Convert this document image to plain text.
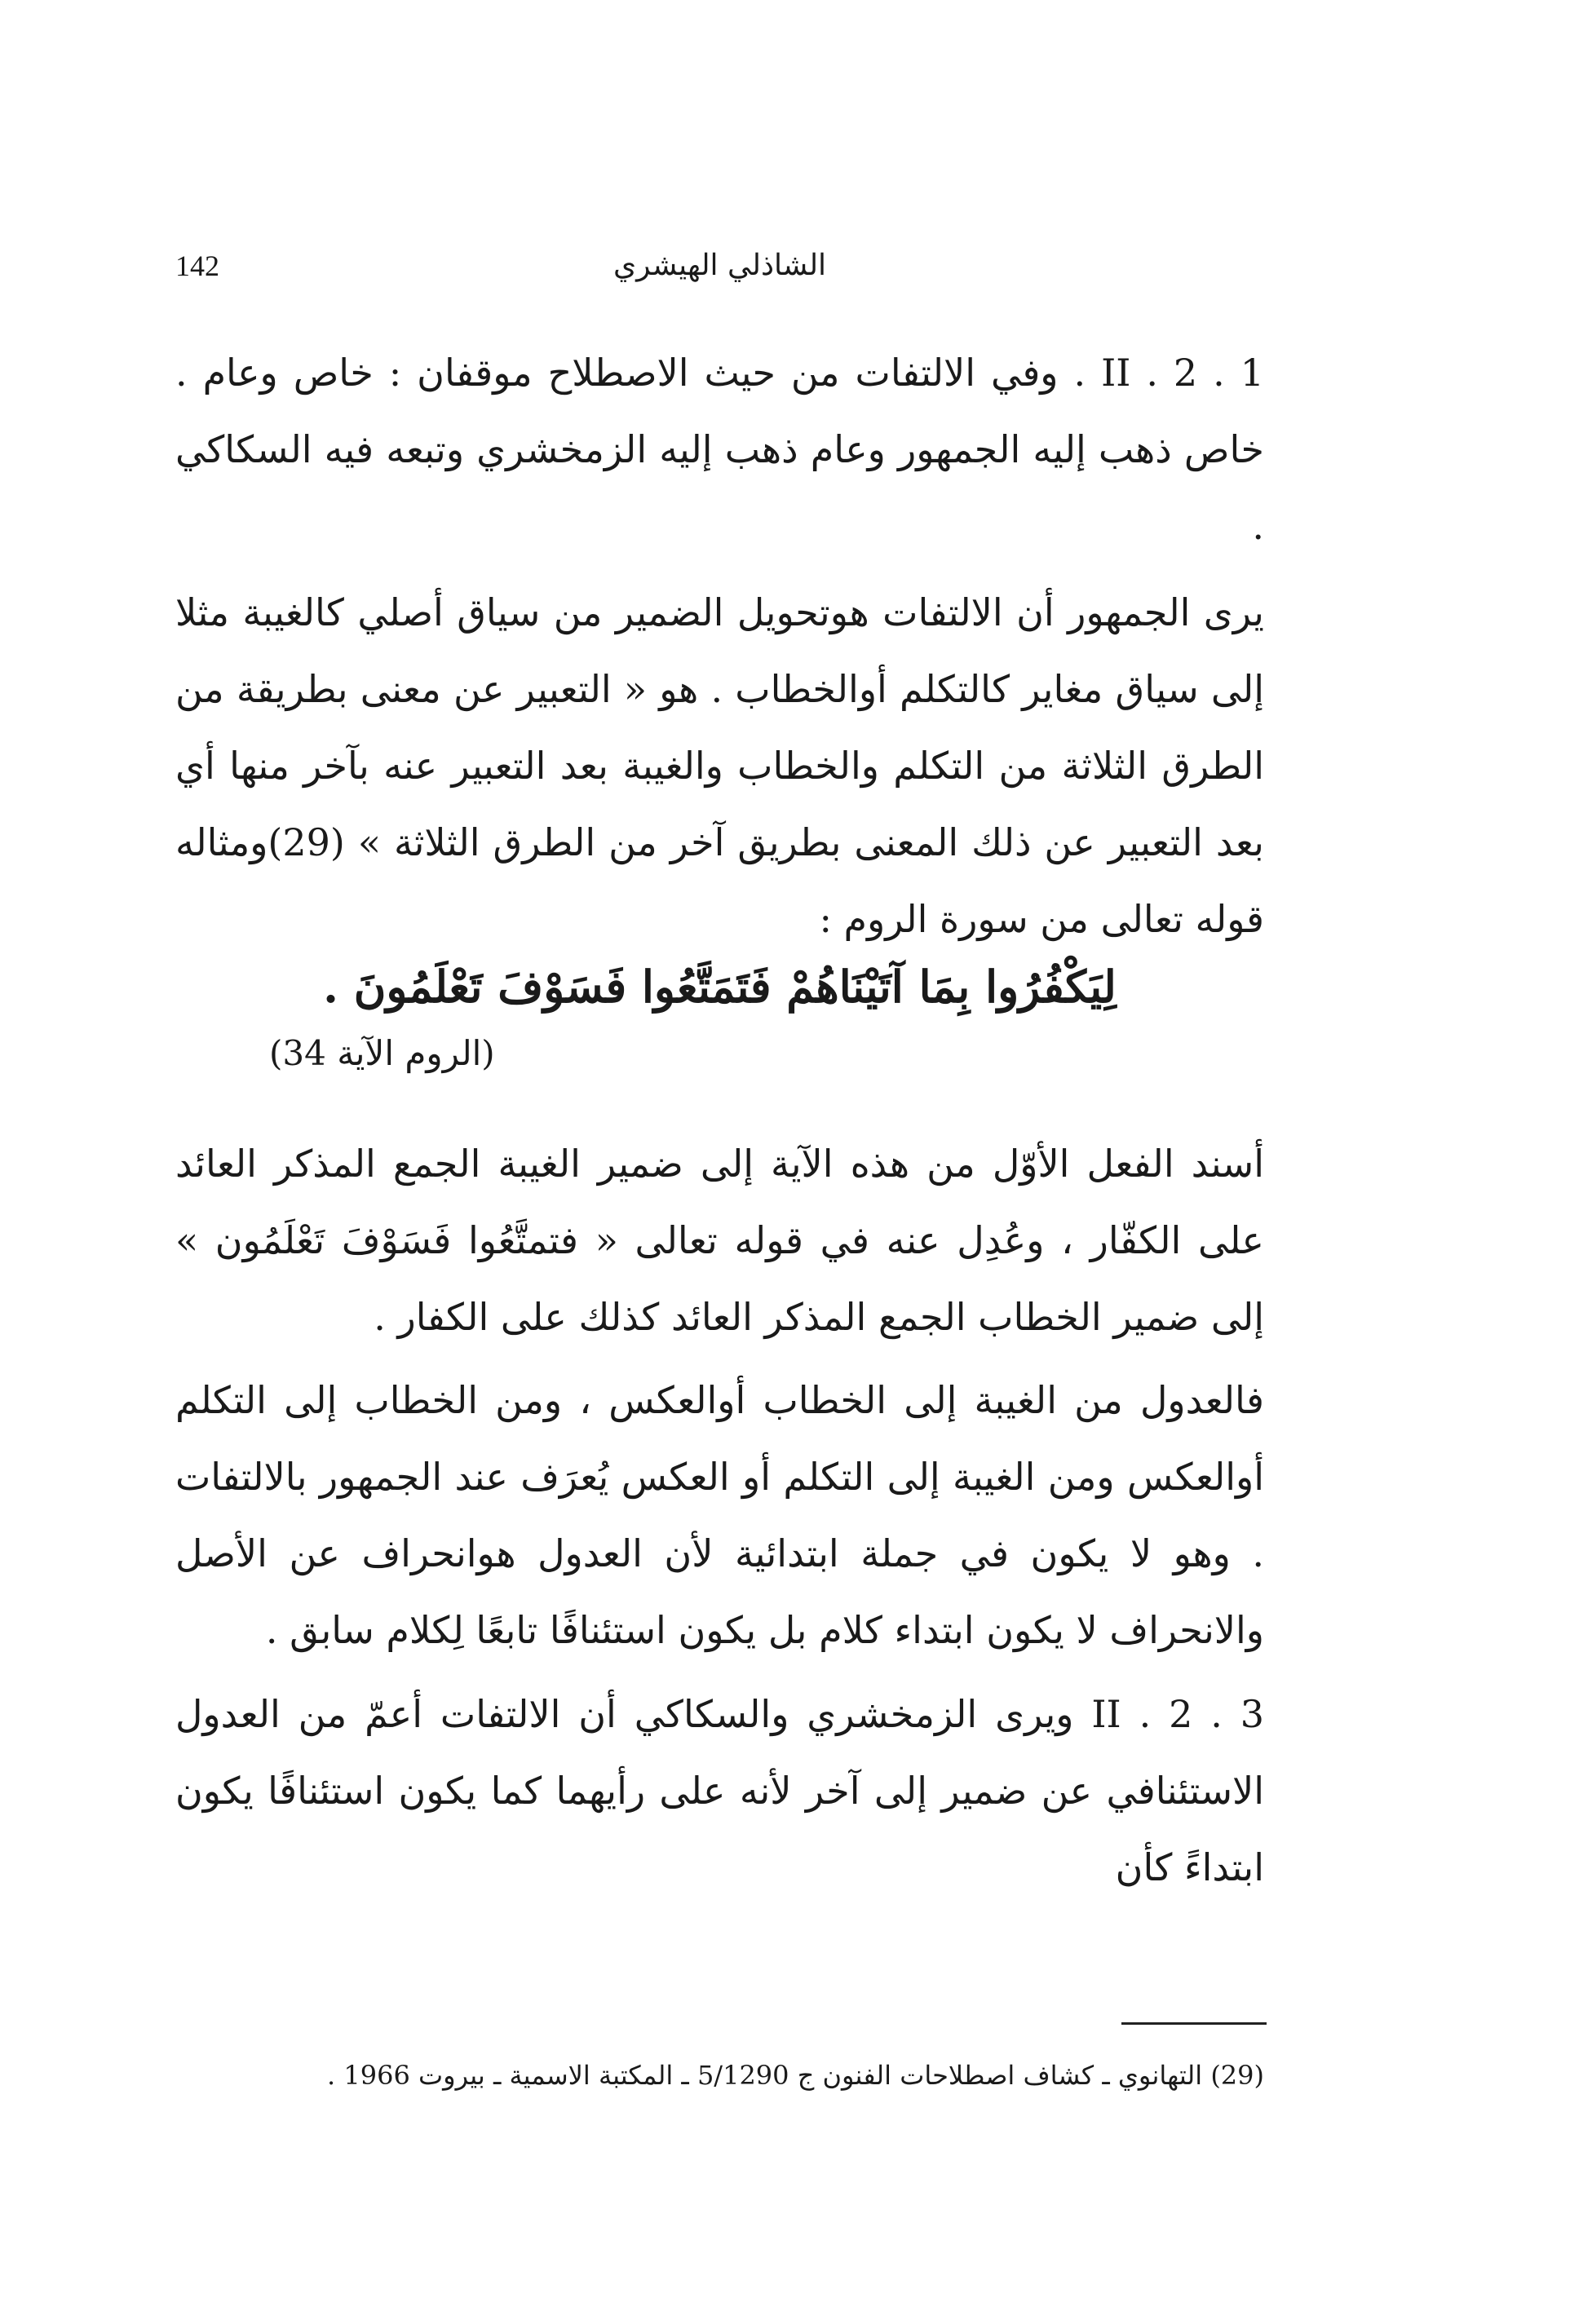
142	الشاذلي الهيشري

II . 2 . 1 . وفي الالتفات من حيث الاصطلاح موقفان : خاص وعام . خاص ذهب إليه الجمهور وعام ذهب إليه الزمخشري وتبعه فيه السكاكي .

يرى الجمهور أن الالتفات هوتحويل الضمير من سياق أصلي كالغيبة مثلا إلى سياق مغاير كالتكلم أوالخطاب . هو « التعبير عن معنى بطريقة من الطرق الثلاثة من التكلم والخطاب والغيبة بعد التعبير عنه بآخر منها أي بعد التعبير عن ذلك المعنى بطريق آخر من الطرق الثلاثة » (29)ومثاله قوله تعالى من سورة الروم :

لِيَكْفُرُوا بِمَا آتَيْنَاهُمْ فَتَمَتَّعُوا فَسَوْفَ تَعْلَمُونَ .
(الروم الآية 34)

أسند الفعل الأوّل من هذه الآية إلى ضمير الغيبة الجمع المذكر العائد على الكفّار ، وعُدِل عنه في قوله تعالى « فتمتَّعُوا فَسَوْفَ تَعْلَمُون » إلى ضمير الخطاب الجمع المذكر العائد كذلك على الكفار .

فالعدول من الغيبة إلى الخطاب أوالعكس ، ومن الخطاب إلى التكلم أوالعكس ومن الغيبة إلى التكلم أو العكس يُعرَف عند الجمهور بالالتفات . وهو لا يكون في جملة ابتدائية لأن العدول هوانحراف عن الأصل والانحراف لا يكون ابتداء كلام بل يكون استئنافًا تابعًا لِكلام سابق .

II . 2 . 3 ويرى الزمخشري والسكاكي أن الالتفات أعمّ من العدول الاستئنافي عن ضمير إلى آخر لأنه على رأيهما كما يكون استئنافًا يكون ابتداءً كأن

(29) التهانوي ـ كشاف اصطلاحات الفنون ج 5/1290 ـ المكتبة الاسمية ـ بيروت 1966 .
